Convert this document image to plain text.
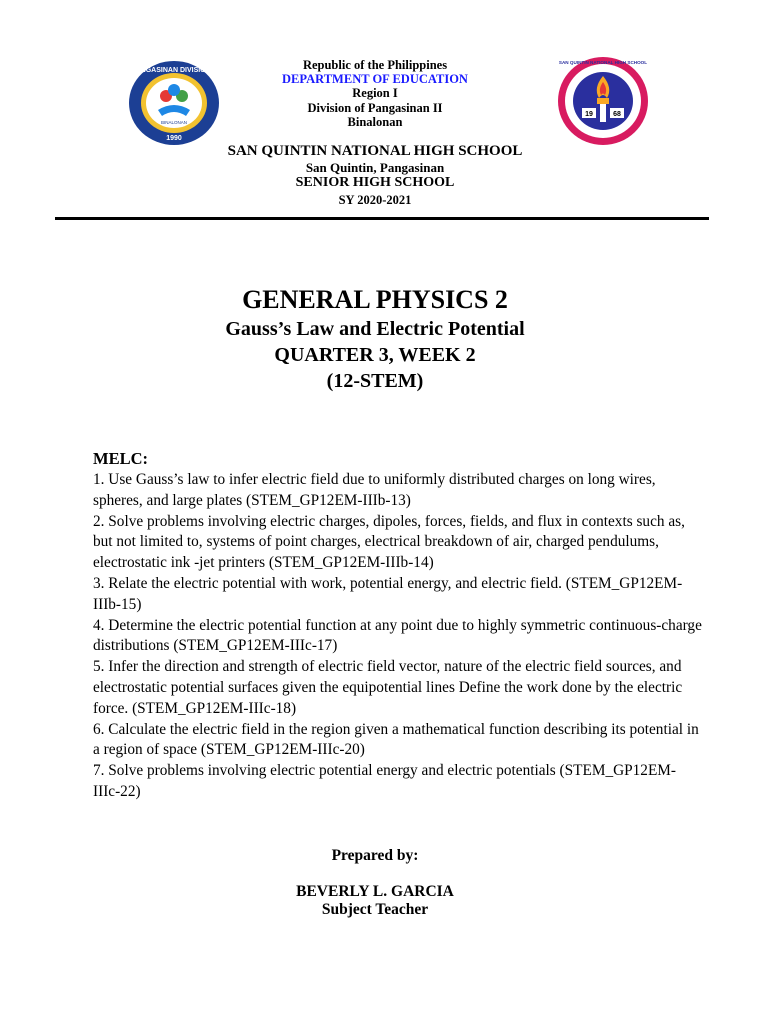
PANGASINAN DIVISION II
BINALONAN
1990
19	68
SAN QUINTIN NATIONAL HIGH SCHOOL
Republic of the Philippines
DEPARTMENT OF EDUCATION
Region I
Division of Pangasinan II
Binalonan
SAN QUINTIN NATIONAL HIGH SCHOOL
San Quintin, Pangasinan
SENIOR HIGH SCHOOL
SY 2020-2021
GENERAL PHYSICS 2
Gauss’s Law and Electric Potential
QUARTER 3, WEEK 2
(12-STEM)
MELC:

1. Use Gauss’s law to infer electric field due to uniformly distributed charges on long wires, spheres, and large plates (STEM_GP12EM-IIIb-13)

2. Solve problems involving electric charges, dipoles, forces, fields, and flux in contexts such as, but not limited to, systems of point charges, electrical breakdown of air, charged pendulums, electrostatic ink -jet printers (STEM_GP12EM-IIIb-14)

3. Relate the electric potential with work, potential energy, and electric field. (STEM_GP12EM-IIIb-15)

4. Determine the electric potential function at any point due to highly symmetric continuous-charge distributions (STEM_GP12EM-IIIc-17)

5. Infer the direction and strength of electric field vector, nature of the electric field sources, and electrostatic potential surfaces given the equipotential lines Define the work done by the electric force. (STEM_GP12EM-IIIc-18)

6. Calculate the electric field in the region given a mathematical function describing its potential in a region of space (STEM_GP12EM-IIIc-20)

7. Solve problems involving electric potential energy and electric potentials (STEM_GP12EM-IIIc-22)

Prepared by:
BEVERLY L. GARCIA
Subject Teacher
